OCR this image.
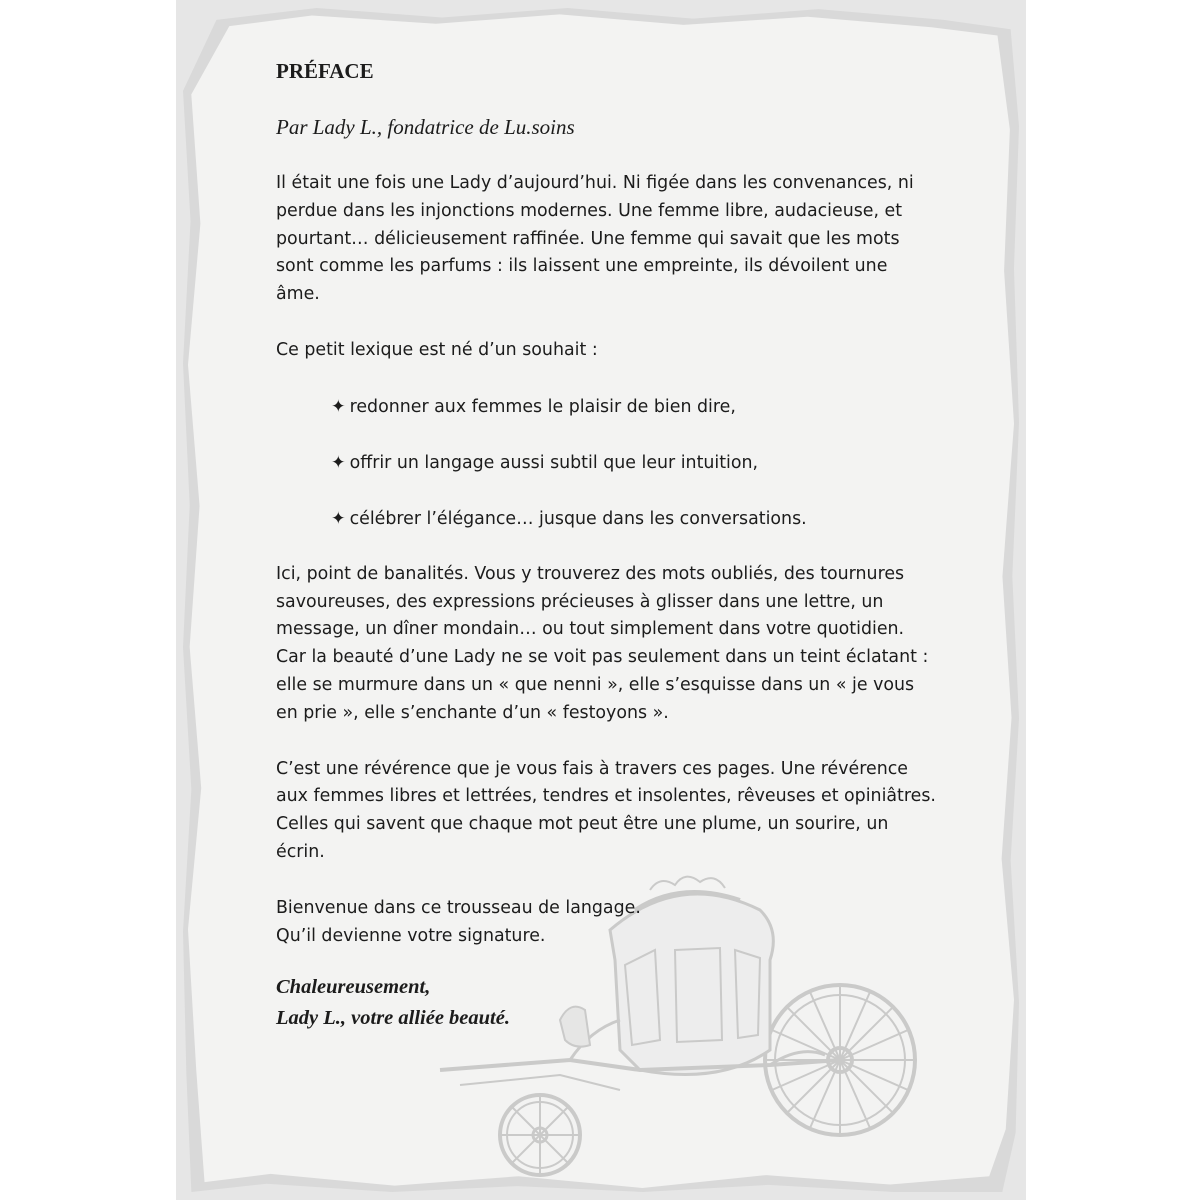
PRÉFACE

Par Lady L., fondatrice de Lu.soins

Il était une fois une Lady d’aujourd’hui. Ni figée dans les convenances, ni perdue dans les injonctions modernes. Une femme libre, audacieuse, et pourtant… délicieusement raffinée. Une femme qui savait que les mots sont comme les parfums : ils laissent une empreinte, ils dévoilent une âme.

Ce petit lexique est né d’un souhait :

✦ redonner aux femmes le plaisir de bien dire,
✦ offrir un langage aussi subtil que leur intuition,
✦ célébrer l’élégance… jusque dans les conversations.

Ici, point de banalités. Vous y trouverez des mots oubliés, des tournures savoureuses, des expressions précieuses à glisser dans une lettre, un message, un dîner mondain… ou tout simplement dans votre quotidien. Car la beauté d’une Lady ne se voit pas seulement dans un teint éclatant : elle se murmure dans un « que nenni », elle s’esquisse dans un « je vous en prie », elle s’enchante d’un « festoyons ».

C’est une révérence que je vous fais à travers ces pages. Une révérence aux femmes libres et lettrées, tendres et insolentes, rêveuses et opiniâtres. Celles qui savent que chaque mot peut être une plume, un sourire, un écrin.

Bienvenue dans ce trousseau de langage.
Qu’il devienne votre signature.

Chaleureusement,
Lady L., votre alliée beauté.
